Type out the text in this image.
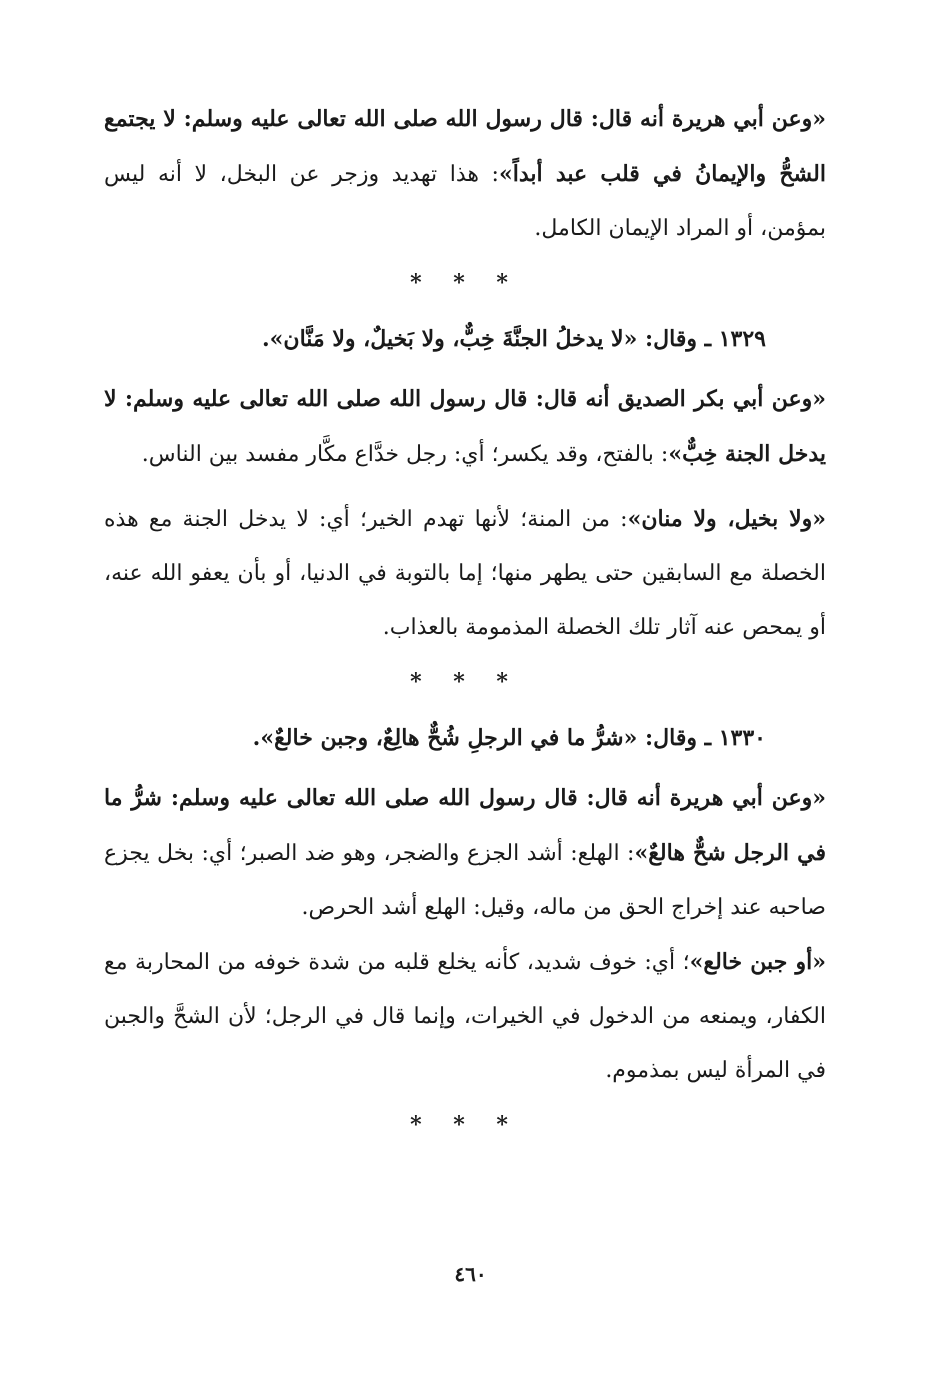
«وعن أبي هريرة أنه قال: قال رسول الله صلى الله تعالى عليه وسلم: لا يجتمع الشحُّ والإيمانُ في قلب عبد أبداً»: هذا تهديد وزجر عن البخل، لا أنه ليس بمؤمن، أو المراد الإيمان الكامل.

* * *
١٣٢٩ ـ وقال: «لا يدخلُ الجنَّةَ خِبٌّ، ولا بَخيلٌ، ولا مَنَّان».

«وعن أبي بكر الصديق أنه قال: قال رسول الله صلى الله تعالى عليه وسلم: لا يدخل الجنة خِبٌّ»: بالفتح، وقد يكسر؛ أي: رجل خدَّاع مكَّار مفسد بين الناس.

«ولا بخيل، ولا منان»: من المنة؛ لأنها تهدم الخير؛ أي: لا يدخل الجنة مع هذه الخصلة مع السابقين حتى يطهر منها؛ إما بالتوبة في الدنيا، أو بأن يعفو الله عنه، أو يمحص عنه آثار تلك الخصلة المذمومة بالعذاب.

* * *
١٣٣٠ ـ وقال: «شرُّ ما في الرجلِ شُحٌّ هالِعٌ، وجبن خالعٌ».

«وعن أبي هريرة أنه قال: قال رسول الله صلى الله تعالى عليه وسلم: شرُّ ما في الرجل شحٌّ هالعٌ»: الهلع: أشد الجزع والضجر، وهو ضد الصبر؛ أي: بخل يجزع صاحبه عند إخراج الحق من ماله، وقيل: الهلع أشد الحرص.

«أو جبن خالع»؛ أي: خوف شديد، كأنه يخلع قلبه من شدة خوفه من المحاربة مع الكفار، ويمنعه من الدخول في الخيرات، وإنما قال في الرجل؛ لأن الشحَّ والجبن في المرأة ليس بمذموم.

* * *
٤٦٠
